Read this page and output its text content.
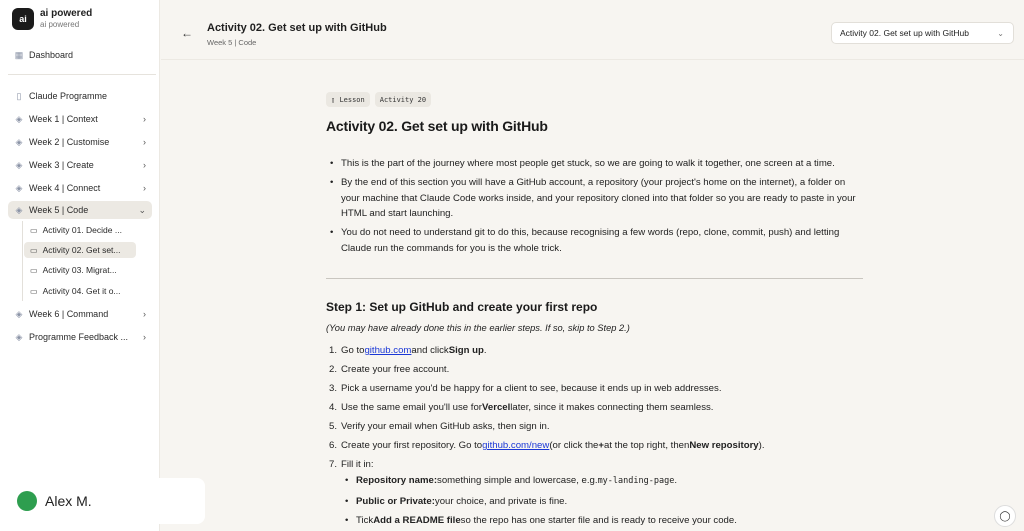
ai	ai powered
ai powered
▦ Dashboard
▯ Claude Programme
◈ Week 1 | Context	›
◈ Week 2 | Customise	›
◈ Week 3 | Create	›
◈ Week 4 | Connect	›
◈ Week 5 | Code	⌄
▭ Activity 01. Decide ...
▭ Activity 02. Get set...
▭ Activity 03. Migrat...
▭ Activity 04. Get it o...
◈ Week 6 | Command	›
◈ Programme Feedback ... ›
Alex M.
← Activity 02. Get set up with GitHub
Week 5 | Code
Activity 02. Get set up with GitHub	⌄
▯ Lesson	Activity 20
Activity 02. Get set up with GitHub
• This is the part of the journey where most people get stuck, so we are going to walk it together, one screen at a time.
• By the end of this section you will have a GitHub account, a repository (your project's home on the internet), a folder on your machine that Claude Code works inside, and your repository cloned into that folder so you are ready to paste in your HTML and start launching.
• You do not need to understand git to do this, because recognising a few words (repo, clone, commit, push) and letting Claude run the commands for you is the whole trick.
Step 1: Set up GitHub and create your first repo
(You may have already done this in the earlier steps. If so, skip to Step 2.)
1. Go togithub.comand clickSign up.
2. Create your free account.
3. Pick a username you'd be happy for a client to see, because it ends up in web addresses.
4. Use the same email you'll use forVercellater, since it makes connecting them seamless.
5. Verify your email when GitHub asks, then sign in.
6. Create your first repository. Go togithub.com/new(or click the+at the top right, thenNew repository).
7. Fill it in:
• Repository name:something simple and lowercase, e.g.my-landing-page.
• Public or Private:your choice, and private is fine.
• TickAdd a README fileso the repo has one starter file and is ready to receive your code.	◯
